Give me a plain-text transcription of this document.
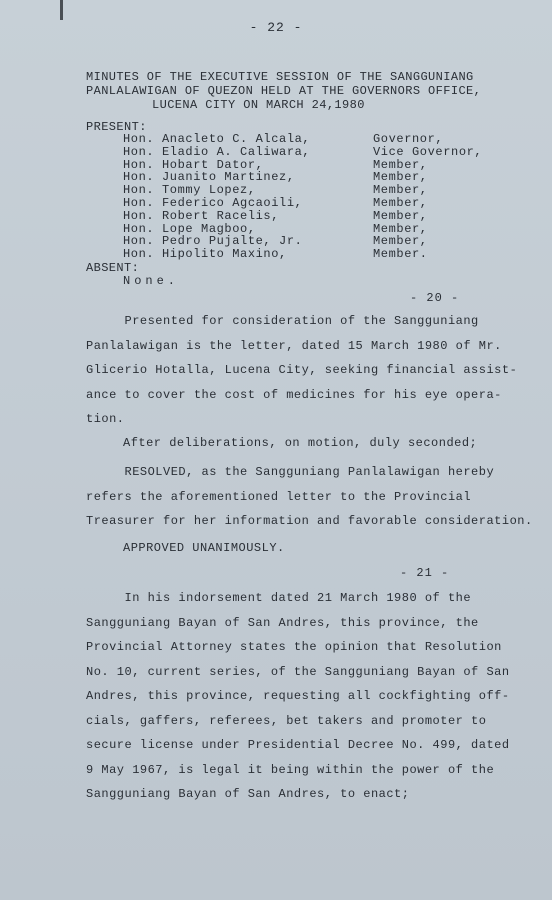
- 22 -
MINUTES OF THE EXECUTIVE SESSION OF THE SANGGUNIANG
PANLALAWIGAN OF QUEZON HELD AT THE GOVERNORS OFFICE,
LUCENA CITY ON MARCH 24,1980
PRESENT:
Hon. Anacleto C. Alcala,	Governor,
Hon. Eladio A. Caliwara,	Vice Governor,
Hon. Hobart Dator,	Member,
Hon. Juanito Martinez,	Member,
Hon. Tommy Lopez,	Member,
Hon. Federico Agcaoili,	Member,
Hon. Robert Racelis,	Member,
Hon. Lope Magboo,	Member,
Hon. Pedro Pujalte, Jr.	Member,
Hon. Hipolito Maxino,	Member.
ABSENT:
None.
- 20 -
Presented for consideration of the Sangguniang
Panlalawigan is the letter, dated 15 March 1980 of Mr.
Glicerio Hotalla, Lucena City, seeking financial assist-
ance to cover the cost of medicines for his eye opera-
tion.
After deliberations, on motion, duly seconded;
RESOLVED, as the Sangguniang Panlalawigan hereby
refers the aforementioned letter to the Provincial
Treasurer for her information and favorable consideration.
APPROVED UNANIMOUSLY.
- 21 -
In his indorsement dated 21 March 1980 of the
Sangguniang Bayan of San Andres, this province, the
Provincial Attorney states the opinion that Resolution
No. 10, current series, of the Sangguniang Bayan of San
Andres, this province, requesting all cockfighting off-
cials, gaffers, referees, bet takers and promoter to
secure license under Presidential Decree No. 499, dated
9 May 1967, is legal it being within the power of the
Sangguniang Bayan of San Andres, to enact;
